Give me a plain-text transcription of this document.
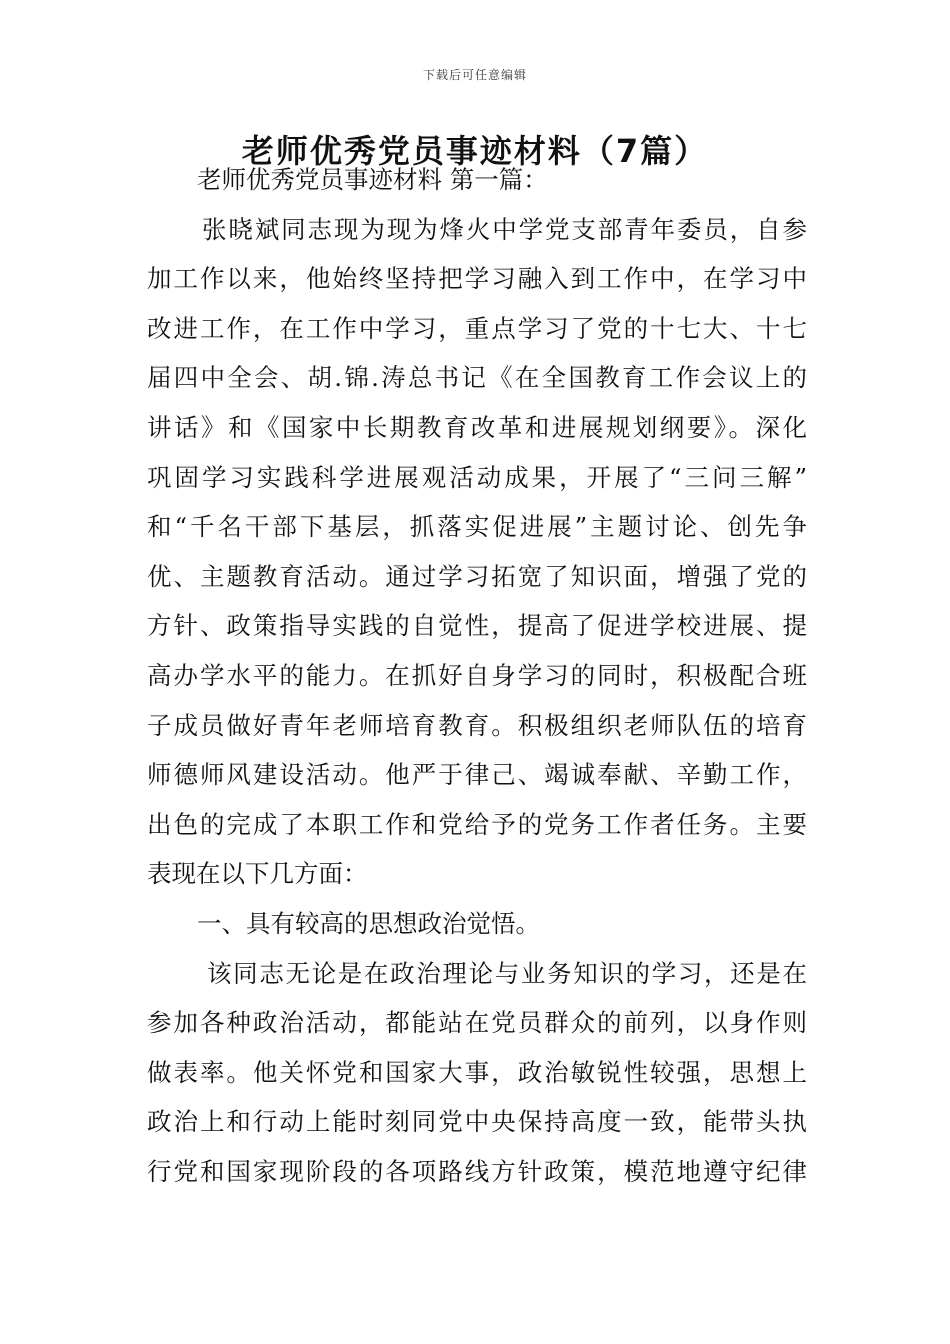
下载后可任意编辑
老师优秀党员事迹材料（7篇）
老师优秀党员事迹材料 第一篇：
张晓斌同志现为现为烽火中学党支部青年委员，自参
加工作以来，他始终坚持把学习融入到工作中，在学习中
改进工作，在工作中学习，重点学习了党的十七大、十七
届四中全会、胡.锦.涛总书记《在全国教育工作会议上的
讲话》和《国家中长期教育改革和进展规划纲要》。深化
巩固学习实践科学进展观活动成果，开展了“三问三解”
和“千名干部下基层，抓落实促进展”主题讨论、创先争
优、主题教育活动。通过学习拓宽了知识面，增强了党的
方针、政策指导实践的自觉性，提高了促进学校进展、提
高办学水平的能力。在抓好自身学习的同时，积极配合班
子成员做好青年老师培育教育。积极组织老师队伍的培育
师德师风建设活动。他严于律己、竭诚奉献、辛勤工作，
出色的完成了本职工作和党给予的党务工作者任务。主要
表现在以下几方面：
一、具有较高的思想政治觉悟。
该同志无论是在政治理论与业务知识的学习，还是在
参加各种政治活动，都能站在党员群众的前列，以身作则
做表率。他关怀党和国家大事，政治敏锐性较强，思想上
政治上和行动上能时刻同党中央保持高度一致，能带头执
行党和国家现阶段的各项路线方针政策，模范地遵守纪律
